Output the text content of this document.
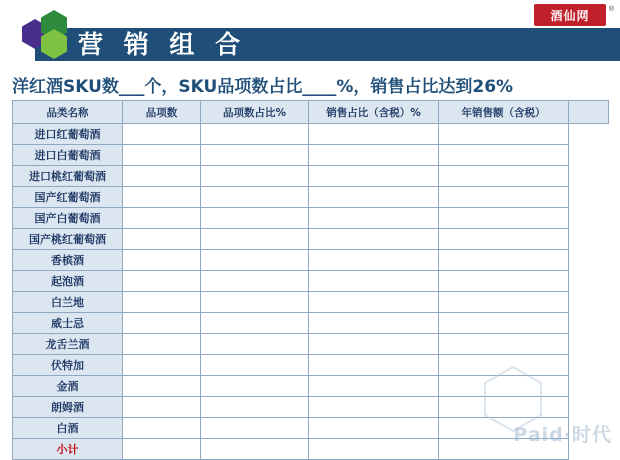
营 销 组 合
酒仙网	®
洋红酒SKU数___个，SKU品项数占比____%，销售占比达到26%
品类名称	品项数	品项数占比%	销售占比（含税）%	年销售额（含税）	
进口红葡萄酒					
进口白葡萄酒					
进口桃红葡萄酒					
国产红葡萄酒					
国产白葡萄酒					
国产桃红葡萄酒					
香槟酒					
起泡酒					
白兰地					
威士忌					
龙舌兰酒					
伏特加					
金酒					
朗姆酒					
白酒					
小计					
Paid·时代
